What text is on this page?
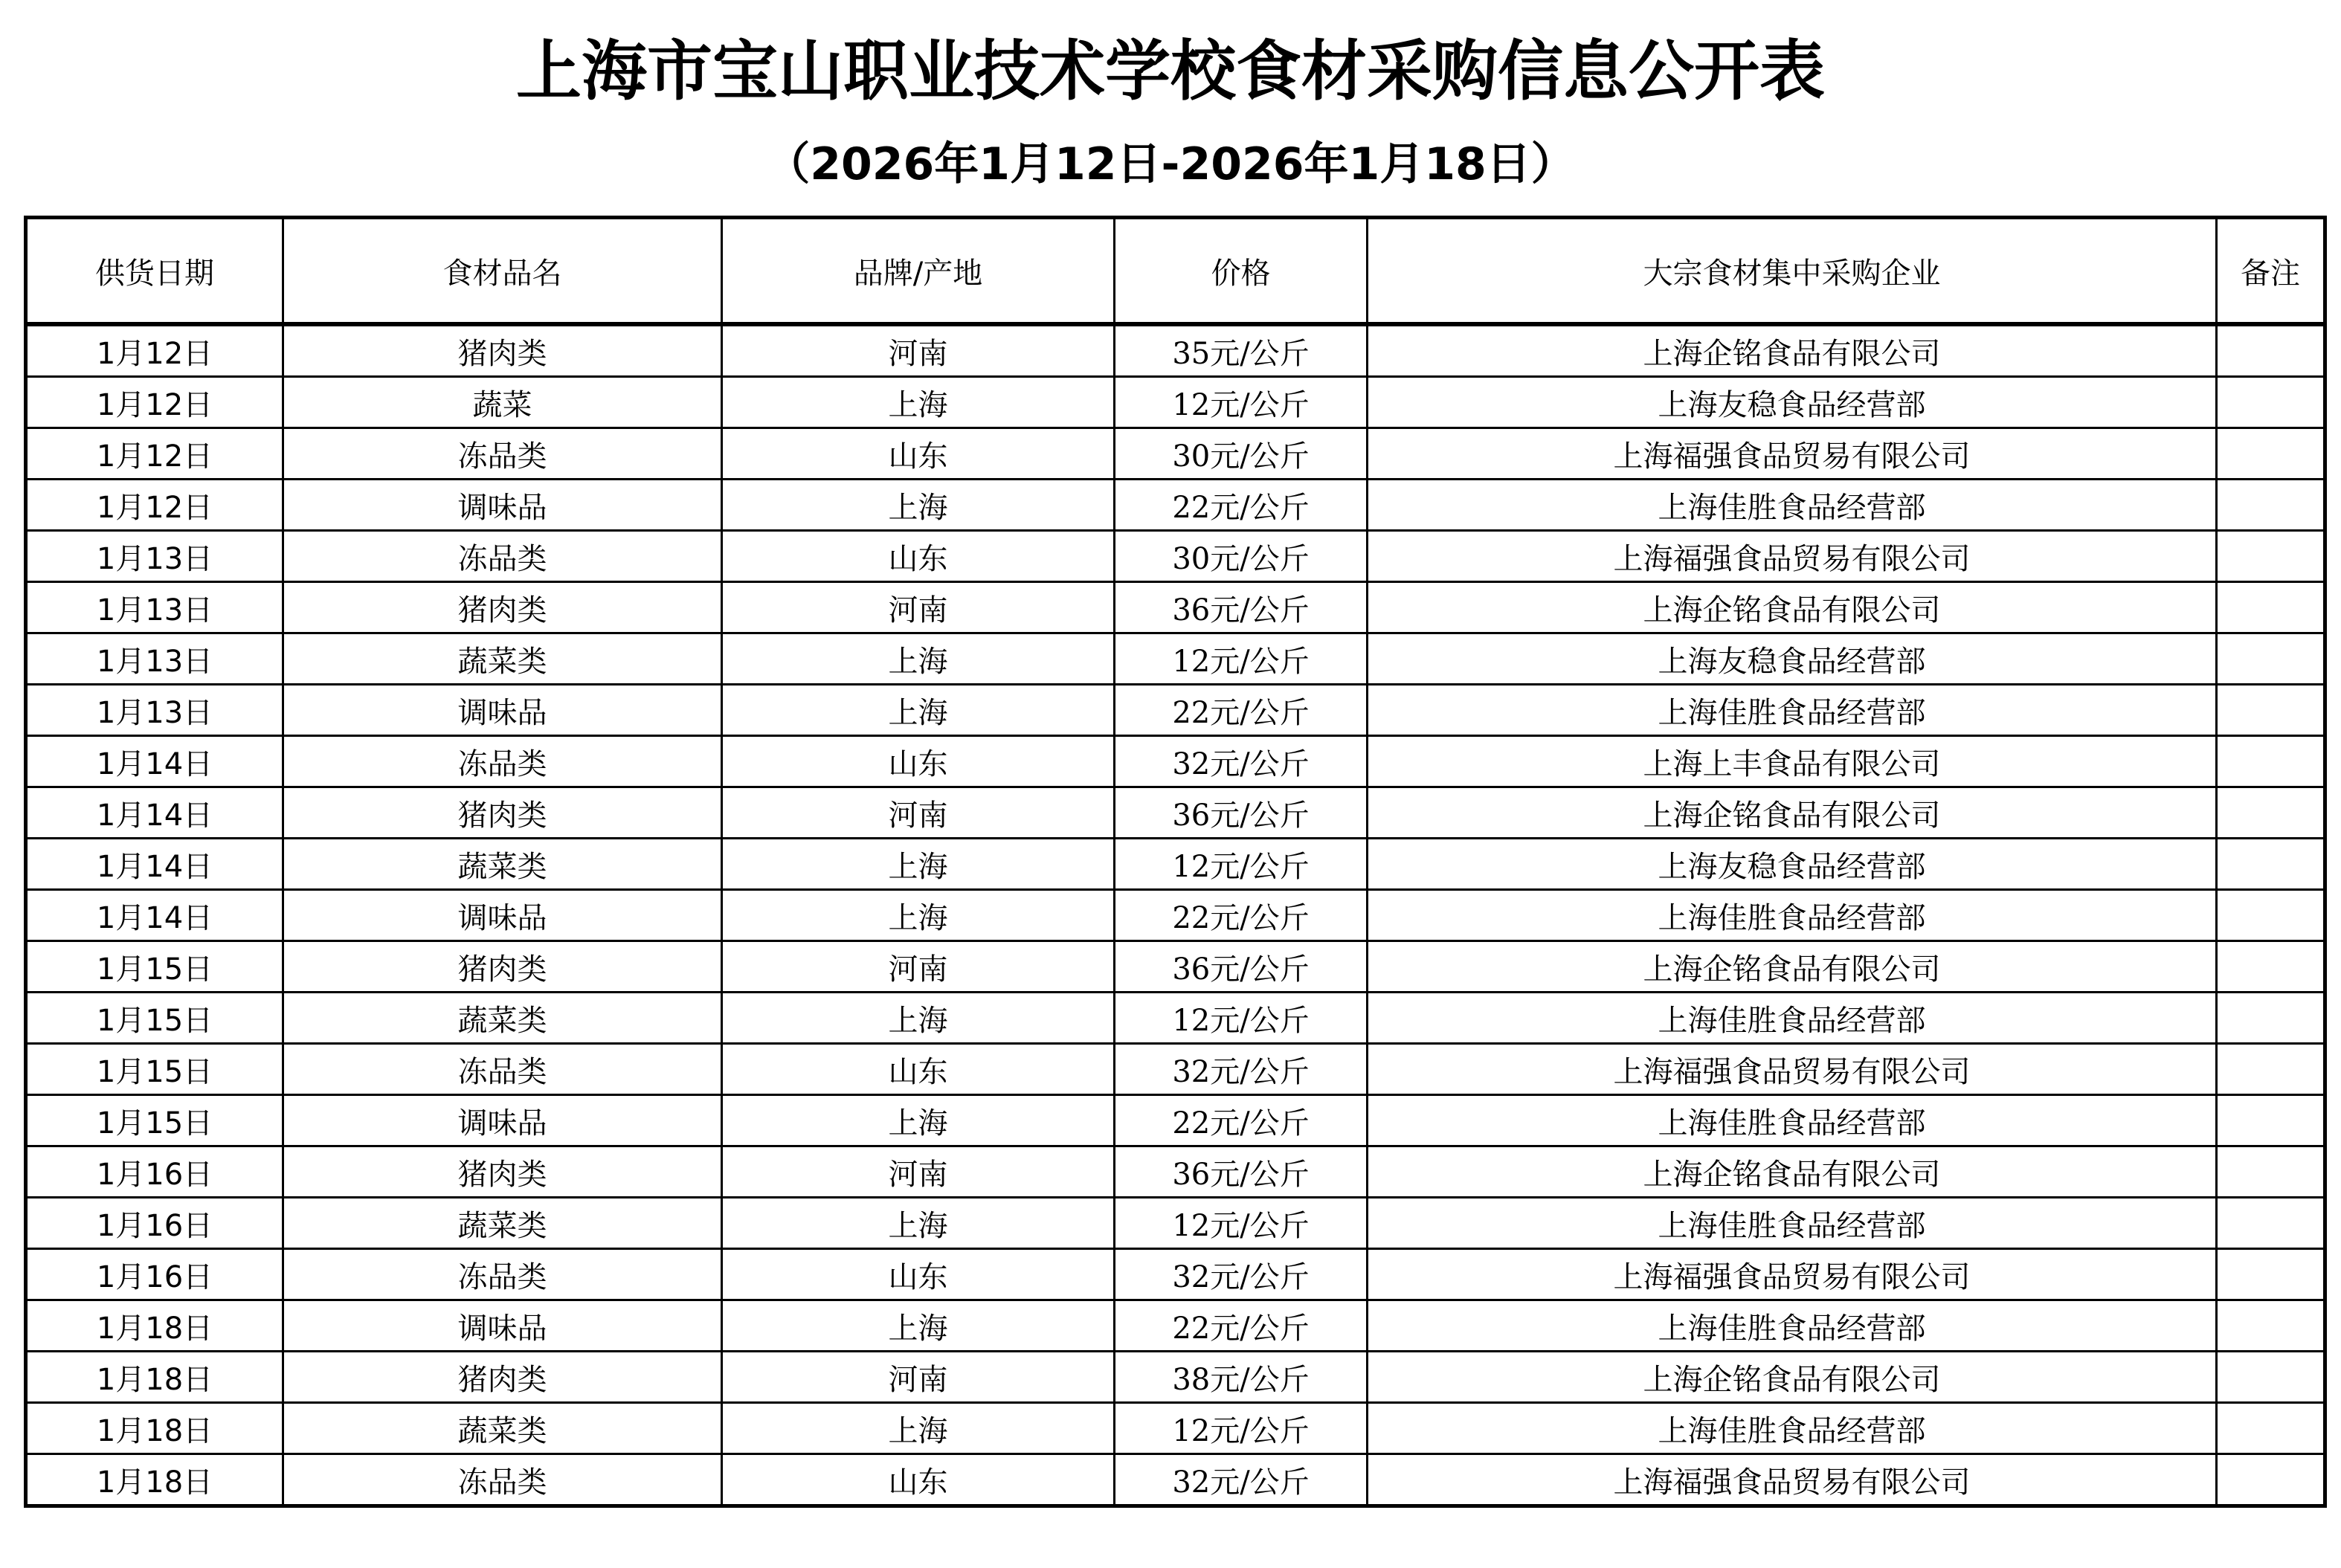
上海市宝山职业技术学校食材采购信息公开表
（2026年1月12日-2026年1月18日）
供货日期	食材品名	品牌/产地	价格	大宗食材集中采购企业	备注
1月12日	猪肉类	河南	35元/公斤	上海企铭食品有限公司	
1月12日	蔬菜	上海	12元/公斤	上海友稳食品经营部	
1月12日	冻品类	山东	30元/公斤	上海福强食品贸易有限公司	
1月12日	调味品	上海	22元/公斤	上海佳胜食品经营部	
1月13日	冻品类	山东	30元/公斤	上海福强食品贸易有限公司	
1月13日	猪肉类	河南	36元/公斤	上海企铭食品有限公司	
1月13日	蔬菜类	上海	12元/公斤	上海友稳食品经营部	
1月13日	调味品	上海	22元/公斤	上海佳胜食品经营部	
1月14日	冻品类	山东	32元/公斤	上海上丰食品有限公司	
1月14日	猪肉类	河南	36元/公斤	上海企铭食品有限公司	
1月14日	蔬菜类	上海	12元/公斤	上海友稳食品经营部	
1月14日	调味品	上海	22元/公斤	上海佳胜食品经营部	
1月15日	猪肉类	河南	36元/公斤	上海企铭食品有限公司	
1月15日	蔬菜类	上海	12元/公斤	上海佳胜食品经营部	
1月15日	冻品类	山东	32元/公斤	上海福强食品贸易有限公司	
1月15日	调味品	上海	22元/公斤	上海佳胜食品经营部	
1月16日	猪肉类	河南	36元/公斤	上海企铭食品有限公司	
1月16日	蔬菜类	上海	12元/公斤	上海佳胜食品经营部	
1月16日	冻品类	山东	32元/公斤	上海福强食品贸易有限公司	
1月18日	调味品	上海	22元/公斤	上海佳胜食品经营部	
1月18日	猪肉类	河南	38元/公斤	上海企铭食品有限公司	
1月18日	蔬菜类	上海	12元/公斤	上海佳胜食品经营部	
1月18日	冻品类	山东	32元/公斤	上海福强食品贸易有限公司	
